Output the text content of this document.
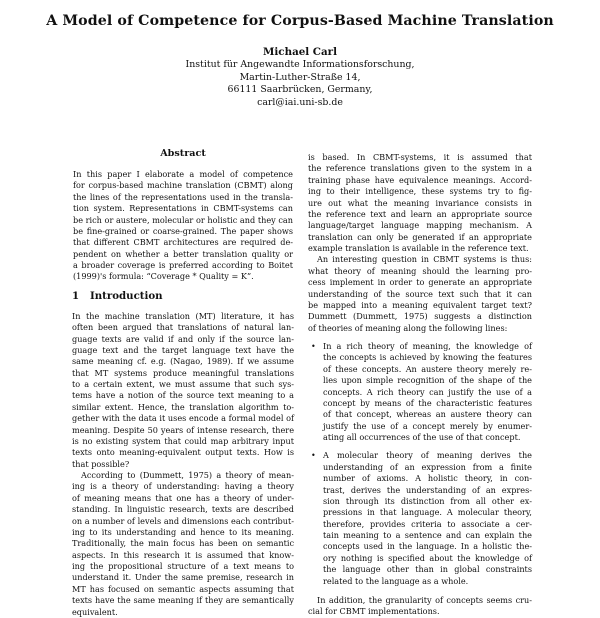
A Model of Competence for Corpus-Based Machine Translation
Michael Carl
Institut für Angewandte Informationsforschung,
Martin-Luther-Straße 14,
66111 Saarbrücken, Germany,
carl@iai.uni-sb.de
Abstract
In this paper I elaborate a model of competence
for corpus-based machine translation (CBMT) along
the lines of the representations used in the transla-
tion system. Representations in CBMT-systems can
be rich or austere, molecular or holistic and they can
be fine-grained or coarse-grained. The paper shows
that different CBMT architectures are required de-
pendent on whether a better translation quality or
a broader coverage is preferred according to Boitet
(1999)'s formula: “Coverage * Quality = K”.
1 Introduction
In the machine translation (MT) literature, it has
often been argued that translations of natural lan-
guage texts are valid if and only if the source lan-
guage text and the target language text have the
same meaning cf. e.g. (Nagao, 1989). If we assume
that MT systems produce meaningful translations
to a certain extent, we must assume that such sys-
tems have a notion of the source text meaning to a
similar extent. Hence, the translation algorithm to-
gether with the data it uses encode a formal model of
meaning. Despite 50 years of intense research, there
is no existing system that could map arbitrary input
texts onto meaning-equivalent output texts. How is
that possible?
According to (Dummett, 1975) a theory of mean-
ing is a theory of understanding: having a theory
of meaning means that one has a theory of under-
standing. In linguistic research, texts are described
on a number of levels and dimensions each contribut-
ing to its understanding and hence to its meaning.
Traditionally, the main focus has been on semantic
aspects. In this research it is assumed that know-
ing the propositional structure of a text means to
understand it. Under the same premise, research in
MT has focused on semantic aspects assuming that
texts have the same meaning if they are semantically
equivalent.
is based. In CBMT-systems, it is assumed that
the reference translations given to the system in a
training phase have equivalence meanings. Accord-
ing to their intelligence, these systems try to fig-
ure out what the meaning invariance consists in
the reference text and learn an appropriate source
language/target language mapping mechanism. A
translation can only be generated if an appropriate
example translation is available in the reference text.
An interesting question in CBMT systems is thus:
what theory of meaning should the learning pro-
cess implement in order to generate an appropriate
understanding of the source text such that it can
be mapped into a meaning equivalent target text?
Dummett (Dummett, 1975) suggests a distinction
of theories of meaning along the following lines:
• In a rich theory of meaning, the knowledge of
the concepts is achieved by knowing the features
of these concepts. An austere theory merely re-
lies upon simple recognition of the shape of the
concepts. A rich theory can justify the use of a
concept by means of the characteristic features
of that concept, whereas an austere theory can
justify the use of a concept merely by enumer-
ating all occurrences of the use of that concept.
• A molecular theory of meaning derives the
understanding of an expression from a finite
number of axioms. A holistic theory, in con-
trast, derives the understanding of an expres-
sion through its distinction from all other ex-
pressions in that language. A molecular theory,
therefore, provides criteria to associate a cer-
tain meaning to a sentence and can explain the
concepts used in the language. In a holistic the-
ory nothing is specified about the knowledge of
the language other than in global constraints
related to the language as a whole.
In addition, the granularity of concepts seems cru-
cial for CBMT implementations.
